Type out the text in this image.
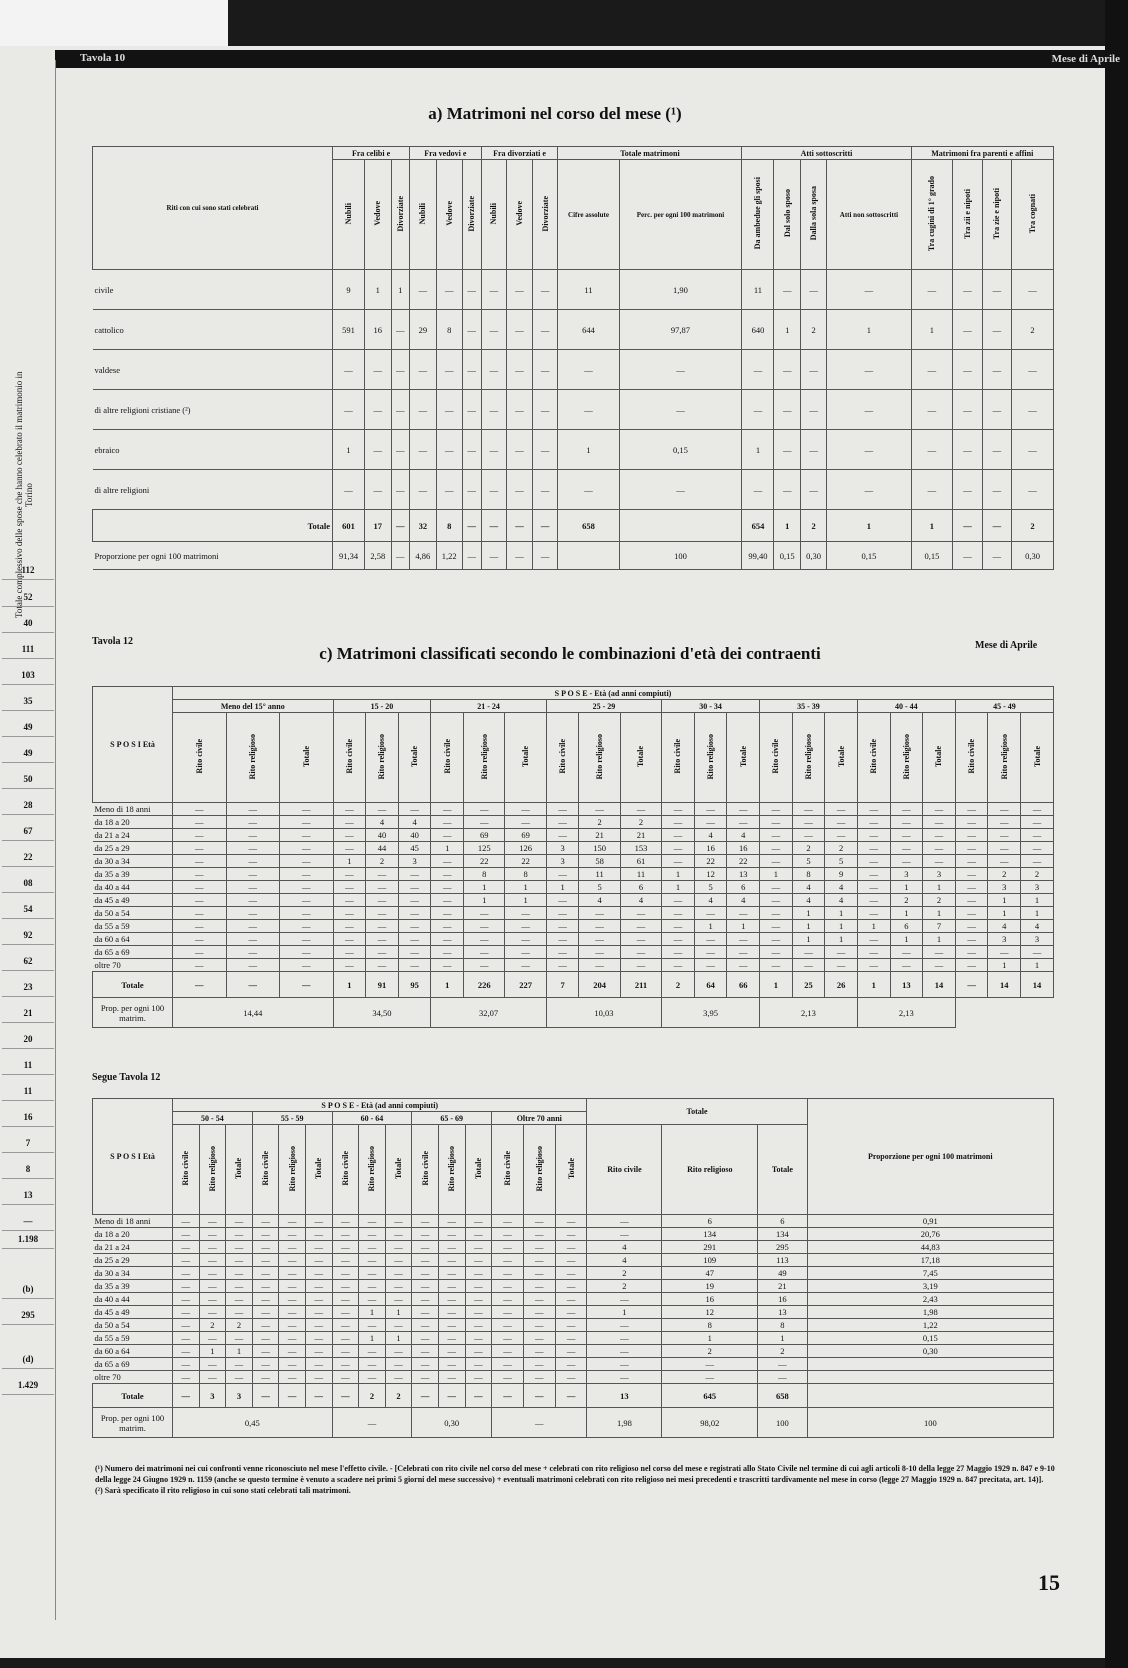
Tavola 10	Mese di Aprile
Totale complessivo delle spose che hanno celebrato il matrimonio in Torino
112
52
40
111
103
35
49
49
50
28
67
22
08
54
92
62
23
21
20
11
11
16
7
8
13
—
1.198
(b)
295
(d)
1.429
a) Matrimoni nel corso del mese (¹)
Riti con cui sono stati celebrati	Fra celibi e			Fra vedovi e			Fra divorziati e			Totale matrimoni		Atti sottoscritti				Matrimoni fra parenti e affini			
	Nubili	Vedove	Divorziate	Nubili	Vedove	Divorziate	Nubili	Vedove	Divorziate	Cifre assolute	Perc. per ogni 100 matrimoni	Da ambedue gli sposi	Dal solo sposo	Dalla sola sposa	Atti non sottoscritti	Tra cugini di 1° grado	Tra zii e nipoti	Tra zie e nipoti	Tra cognati
civile	9	1	1	—	—	—	—	—	—	11	1,90	11	—	—	—	—	—	—	—
cattolico	591	16	—	29	8	—	—	—	—	644	97,87	640	1	2	1	1	—	—	2
valdese	—	—	—	—	—	—	—	—	—	—	—	—	—	—	—	—	—	—	—
di altre religioni cristiane (²)	—	—	—	—	—	—	—	—	—	—	—	—	—	—	—	—	—	—	—
ebraico	1	—	—	—	—	—	—	—	—	1	0,15	1	—	—	—	—	—	—	—
di altre religioni	—	—	—	—	—	—	—	—	—	—	—	—	—	—	—	—	—	—	—
Totale	601	17	—	32	8	—	—	—	—	658		654	1	2	1	1	—	—	2
Proporzione per ogni 100 matrimoni	91,34	2,58	—	4,86	1,22	—	—	—	—		100	99,40	0,15	0,30	0,15	0,15	—	—	0,30
Tavola 12
c) Matrimoni classificati secondo le combinazioni d'età dei contraenti	Mese di Aprile
S P O S I Età	S P O S E - Età (ad anni compiuti)																							
	Meno del 15° anno			15 - 20			21 - 24			25 - 29			30 - 34			35 - 39			40 - 44			45 - 49		
	Rito civile	Rito religioso	Totale	Rito civile	Rito religioso	Totale	Rito civile	Rito religioso	Totale	Rito civile	Rito religioso	Totale	Rito civile	Rito religioso	Totale	Rito civile	Rito religioso	Totale	Rito civile	Rito religioso	Totale	Rito civile	Rito religioso	Totale
Meno di 18 anni	—	—	—	—	—	—	—	—	—	—	—	—	—	—	—	—	—	—	—	—	—	—	—	—
da 18 a 20	—	—	—	—	4	4	—	—	—	—	2	2	—	—	—	—	—	—	—	—	—	—	—	—
da 21 a 24	—	—	—	—	40	40	—	69	69	—	21	21	—	4	4	—	—	—	—	—	—	—	—	—
da 25 a 29	—	—	—	—	44	45	1	125	126	3	150	153	—	16	16	—	2	2	—	—	—	—	—	—
da 30 a 34	—	—	—	1	2	3	—	22	22	3	58	61	—	22	22	—	5	5	—	—	—	—	—	—
da 35 a 39	—	—	—	—	—	—	—	8	8	—	11	11	1	12	13	1	8	9	—	3	3	—	2	2
da 40 a 44	—	—	—	—	—	—	—	1	1	1	5	6	1	5	6	—	4	4	—	1	1	—	3	3
da 45 a 49	—	—	—	—	—	—	—	1	1	—	4	4	—	4	4	—	4	4	—	2	2	—	1	1
da 50 a 54	—	—	—	—	—	—	—	—	—	—	—	—	—	—	—	—	1	1	—	1	1	—	1	1
da 55 a 59	—	—	—	—	—	—	—	—	—	—	—	—	—	1	1	—	1	1	1	6	7	—	4	4
da 60 a 64	—	—	—	—	—	—	—	—	—	—	—	—	—	—	—	—	1	1	—	1	1	—	3	3
da 65 a 69	—	—	—	—	—	—	—	—	—	—	—	—	—	—	—	—	—	—	—	—	—	—	—	—
oltre 70	—	—	—	—	—	—	—	—	—	—	—	—	—	—	—	—	—	—	—	—	—	—	1	1
Totale	—	—	—	1	91	95	1	226	227	7	204	211	2	64	66	1	25	26	1	13	14	—	14	14
Prop. per ogni 100 matrim.	14,44			34,50			32,07			10,03			3,95			2,13			2,13					
Segue Tavola 12
S P O S I Età	S P O S E - Età (ad anni compiuti)															Totale			Proporzione per ogni 100 matrimoni
	50 - 54			55 - 59			60 - 64			65 - 69			Oltre 70 anni						
	Rito civile	Rito religioso	Totale	Rito civile	Rito religioso	Totale	Rito civile	Rito religioso	Totale	Rito civile	Rito religioso	Totale	Rito civile	Rito religioso	Totale	Rito civile	Rito religioso	Totale	
Meno di 18 anni	—	—	—	—	—	—	—	—	—	—	—	—	—	—	—	—	6	6	0,91
da 18 a 20	—	—	—	—	—	—	—	—	—	—	—	—	—	—	—	—	134	134	20,76
da 21 a 24	—	—	—	—	—	—	—	—	—	—	—	—	—	—	—	4	291	295	44,83
da 25 a 29	—	—	—	—	—	—	—	—	—	—	—	—	—	—	—	4	109	113	17,18
da 30 a 34	—	—	—	—	—	—	—	—	—	—	—	—	—	—	—	2	47	49	7,45
da 35 a 39	—	—	—	—	—	—	—	—	—	—	—	—	—	—	—	2	19	21	3,19
da 40 a 44	—	—	—	—	—	—	—	—	—	—	—	—	—	—	—	—	16	16	2,43
da 45 a 49	—	—	—	—	—	—	—	1	1	—	—	—	—	—	—	1	12	13	1,98
da 50 a 54	—	2	2	—	—	—	—	—	—	—	—	—	—	—	—	—	8	8	1,22
da 55 a 59	—	—	—	—	—	—	—	1	1	—	—	—	—	—	—	—	1	1	0,15
da 60 a 64	—	1	1	—	—	—	—	—	—	—	—	—	—	—	—	—	2	2	0,30
da 65 a 69	—	—	—	—	—	—	—	—	—	—	—	—	—	—	—	—	—	—	
oltre 70	—	—	—	—	—	—	—	—	—	—	—	—	—	—	—	—	—	—	
Totale	—	3	3	—	—	—	—	2	2	—	—	—	—	—	—	13	645	658	
Prop. per ogni 100 matrim.	0,45						—			0,30			—			1,98	98,02	100	100
(¹) Numero dei matrimoni nei cui confronti venne riconosciuto nel mese l'effetto civile. - [Celebrati con rito civile nel corso del mese + celebrati con rito religioso nel corso del mese e registrati allo Stato Civile nel termine di cui agli articoli 8-10 della legge 27 Maggio 1929 n. 847 e 9-10 della legge 24 Giugno 1929 n. 1159 (anche se questo termine è venuto a scadere nei primi 5 giorni del mese successivo) + eventuali matrimoni celebrati con rito religioso nei mesi precedenti e trascritti tardivamente nel mese in corso (legge 27 Maggio 1929 n. 847 precitata, art. 14)].
(²) Sarà specificato il rito religioso in cui sono stati celebrati tali matrimoni.
15
